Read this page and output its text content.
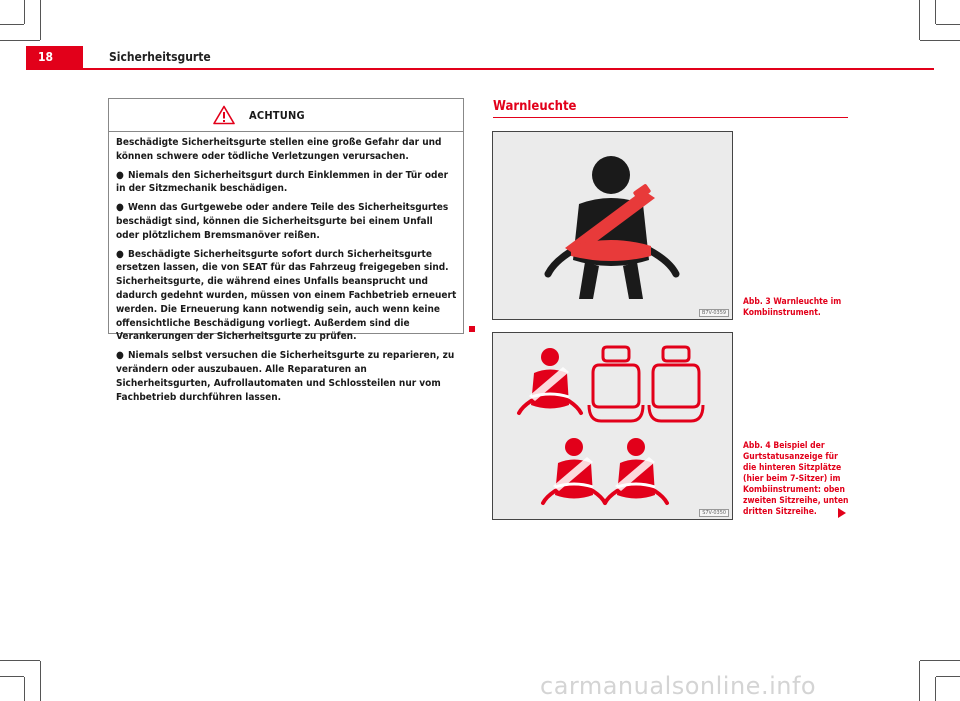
18	Sicherheitsgurte
ACHTUNG

Beschädigte Sicherheitsgurte stellen eine große Gefahr dar und können schwere oder tödliche Verletzungen verursachen.

● Niemals den Sicherheitsgurt durch Einklemmen in der Tür oder in der Sitzmechanik beschädigen.

● Wenn das Gurtgewebe oder andere Teile des Sicherheitsgurtes beschädigt sind, können die Sicherheitsgurte bei einem Unfall oder plötzlichem Bremsmanöver reißen.

● Beschädigte Sicherheitsgurte sofort durch Sicherheitsgurte ersetzen lassen, die von SEAT für das Fahrzeug freigegeben sind. Sicherheitsgurte, die während eines Unfalls beansprucht und dadurch gedehnt wurden, müssen von einem Fachbetrieb erneuert werden. Die Erneuerung kann notwendig sein, auch wenn keine offensichtliche Beschädigung vorliegt. Außerdem sind die Verankerungen der Sicherheitsgurte zu prüfen.

● Niemals selbst versuchen die Sicherheitsgurte zu reparieren, zu verändern oder auszubauen. Alle Reparaturen an Sicherheitsgurten, Aufrollautomaten und Schlossteilen nur vom Fachbetrieb durchführen lassen.

Warnleuchte
B7V-0359
Abb. 3 Warnleuchte im Kombiinstrument.
S7V-0350
Abb. 4 Beispiel der Gurtstatusanzeige für die hinteren Sitzplätze (hier beim 7-Sitzer) im Kombiinstrument: oben zweiten Sitzreihe, unten dritten Sitzreihe.
carmanualsonline.info
